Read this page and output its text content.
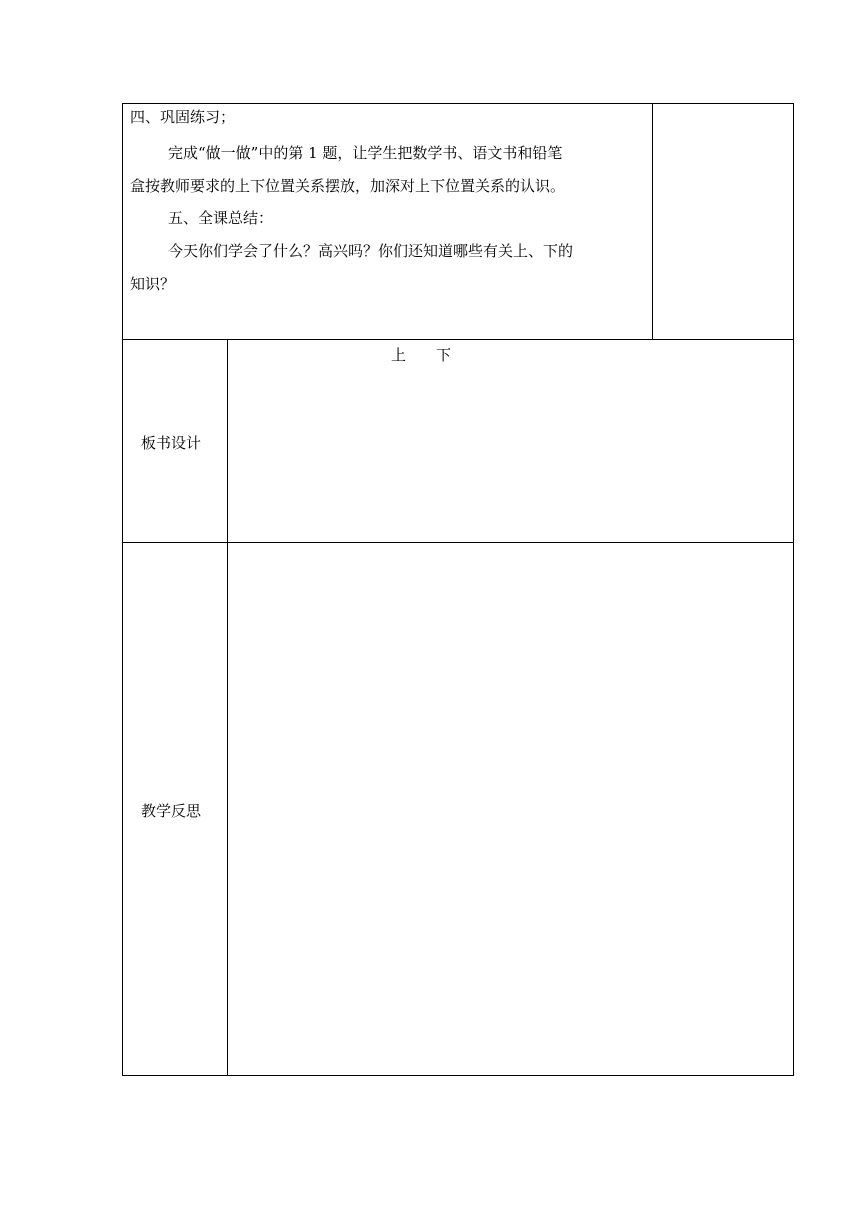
四、巩固练习；
完成“做一做”中的第 1 题，让学生把数学书、语文书和铅笔
盒按教师要求的上下位置关系摆放，加深对上下位置关系的认识。
五、全课总结：
今天你们学会了什么？高兴吗？你们还知道哪些有关上、下的
知识？
板书设计
上 下
教学反思
